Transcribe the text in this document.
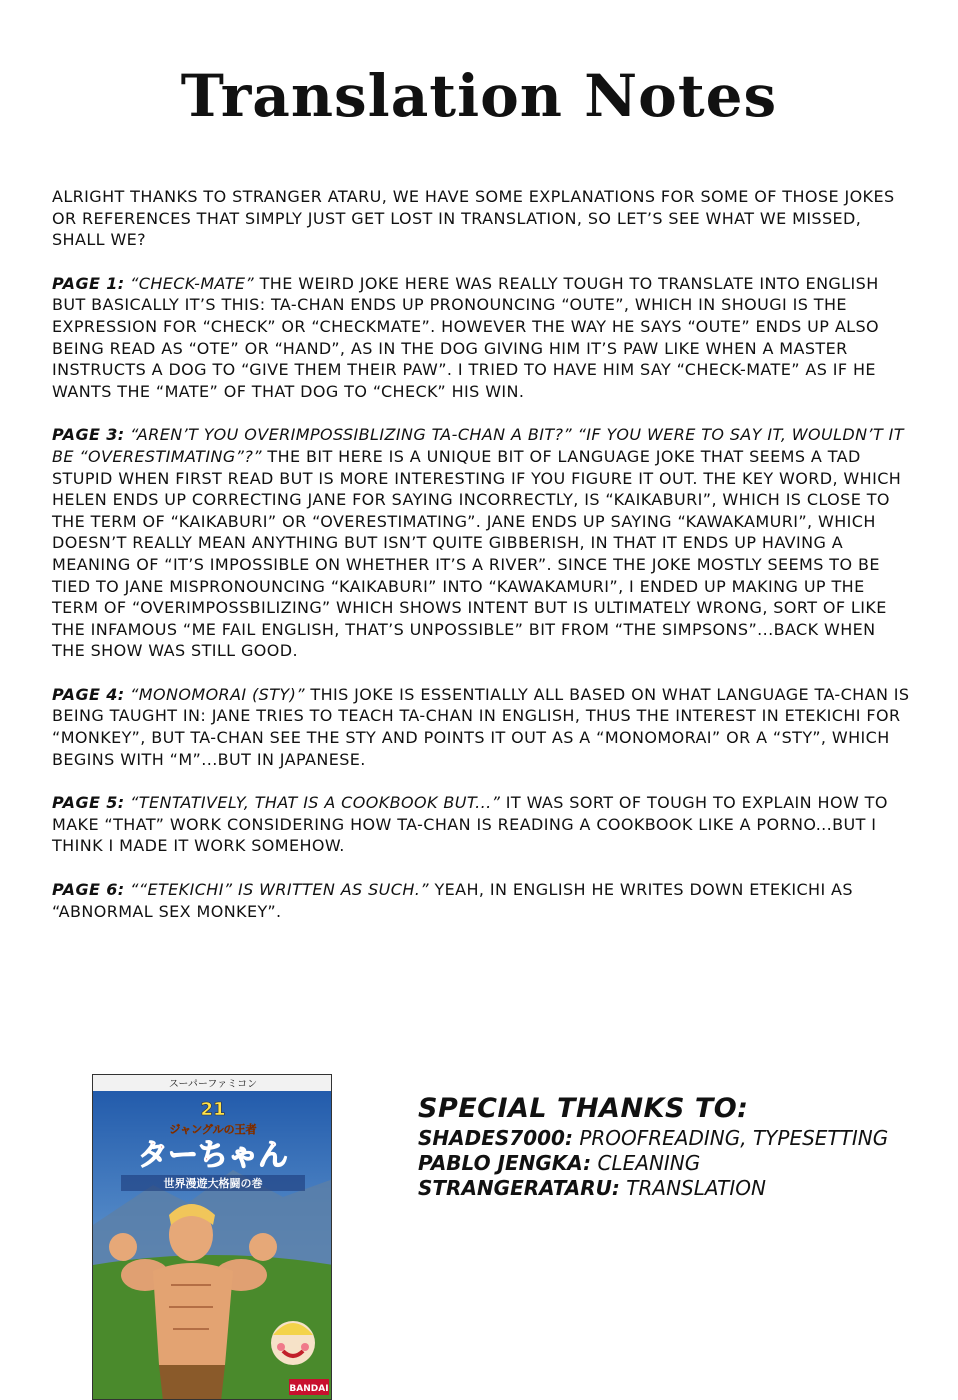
Translation Notes

ALRIGHT THANKS TO STRANGER ATARU, WE HAVE SOME EXPLANATIONS FOR SOME OF THOSE JOKES OR REFERENCES THAT SIMPLY JUST GET LOST IN TRANSLATION, SO LET’S SEE WHAT WE MISSED, SHALL WE?

PAGE 1: “CHECK-MATE” THE WEIRD JOKE HERE WAS REALLY TOUGH TO TRANSLATE INTO ENGLISH BUT BASICALLY IT’S THIS: TA-CHAN ENDS UP PRONOUNCING “OUTE”, WHICH IN SHOUGI IS THE EXPRESSION FOR “CHECK” OR “CHECKMATE”. HOWEVER THE WAY HE SAYS “OUTE” ENDS UP ALSO BEING READ AS “OTE” OR “HAND”, AS IN THE DOG GIVING HIM IT’S PAW LIKE WHEN A MASTER INSTRUCTS A DOG TO “GIVE THEM THEIR PAW”. I TRIED TO HAVE HIM SAY “CHECK-MATE” AS IF HE WANTS THE “MATE” OF THAT DOG TO “CHECK” HIS WIN.

PAGE 3: “AREN’T YOU OVERIMPOSSIBLIZING TA-CHAN A BIT?” “IF YOU WERE TO SAY IT, WOULDN’T IT BE “OVERESTIMATING”?” THE BIT HERE IS A UNIQUE BIT OF LANGUAGE JOKE THAT SEEMS A TAD STUPID WHEN FIRST READ BUT IS MORE INTERESTING IF YOU FIGURE IT OUT. THE KEY WORD, WHICH HELEN ENDS UP CORRECTING JANE FOR SAYING INCORRECTLY, IS “KAIKABURI”, WHICH IS CLOSE TO THE TERM OF “KAIKABURI” OR “OVERESTIMATING”. JANE ENDS UP SAYING “KAWAKAMURI”, WHICH DOESN’T REALLY MEAN ANYTHING BUT ISN’T QUITE GIBBERISH, IN THAT IT ENDS UP HAVING A MEANING OF “IT’S IMPOSSIBLE ON WHETHER IT’S A RIVER”. SINCE THE JOKE MOSTLY SEEMS TO BE TIED TO JANE MISPRONOUNCING “KAIKABURI” INTO “KAWAKAMURI”, I ENDED UP MAKING UP THE TERM OF “OVERIMPOSSBILIZING” WHICH SHOWS INTENT BUT IS ULTIMATELY WRONG, SORT OF LIKE THE INFAMOUS “ME FAIL ENGLISH, THAT’S UNPOSSIBLE” BIT FROM “THE SIMPSONS”...BACK WHEN THE SHOW WAS STILL GOOD.

PAGE 4: “MONOMORAI (STY)” THIS JOKE IS ESSENTIALLY ALL BASED ON WHAT LANGUAGE TA-CHAN IS BEING TAUGHT IN: JANE TRIES TO TEACH TA-CHAN IN ENGLISH, THUS THE INTEREST IN ETEKICHI FOR “MONKEY”, BUT TA-CHAN SEE THE STY AND POINTS IT OUT AS A “MONOMORAI” OR A “STY”, WHICH BEGINS WITH “M”...BUT IN JAPANESE.

PAGE 5: “TENTATIVELY, THAT IS A COOKBOOK BUT...” IT WAS SORT OF TOUGH TO EXPLAIN HOW TO MAKE “THAT” WORK CONSIDERING HOW TA-CHAN IS READING A COOKBOOK LIKE A PORNO...BUT I THINK I MADE IT WORK SOMEHOW.

PAGE 6: ““ETEKICHI” IS WRITTEN AS SUCH.” YEAH, IN ENGLISH HE WRITES DOWN ETEKICHI AS “ABNORMAL SEX MONKEY”.

スーパーファミコン
21
ジャングルの王者
ターちゃん
世界漫遊大格闘の巻
BANDAI
SPECIAL THANKS TO:
SHADES7000: PROOFREADING, TYPESETTING
PABLO JENGKA: CLEANING
STRANGERATARU: TRANSLATION
